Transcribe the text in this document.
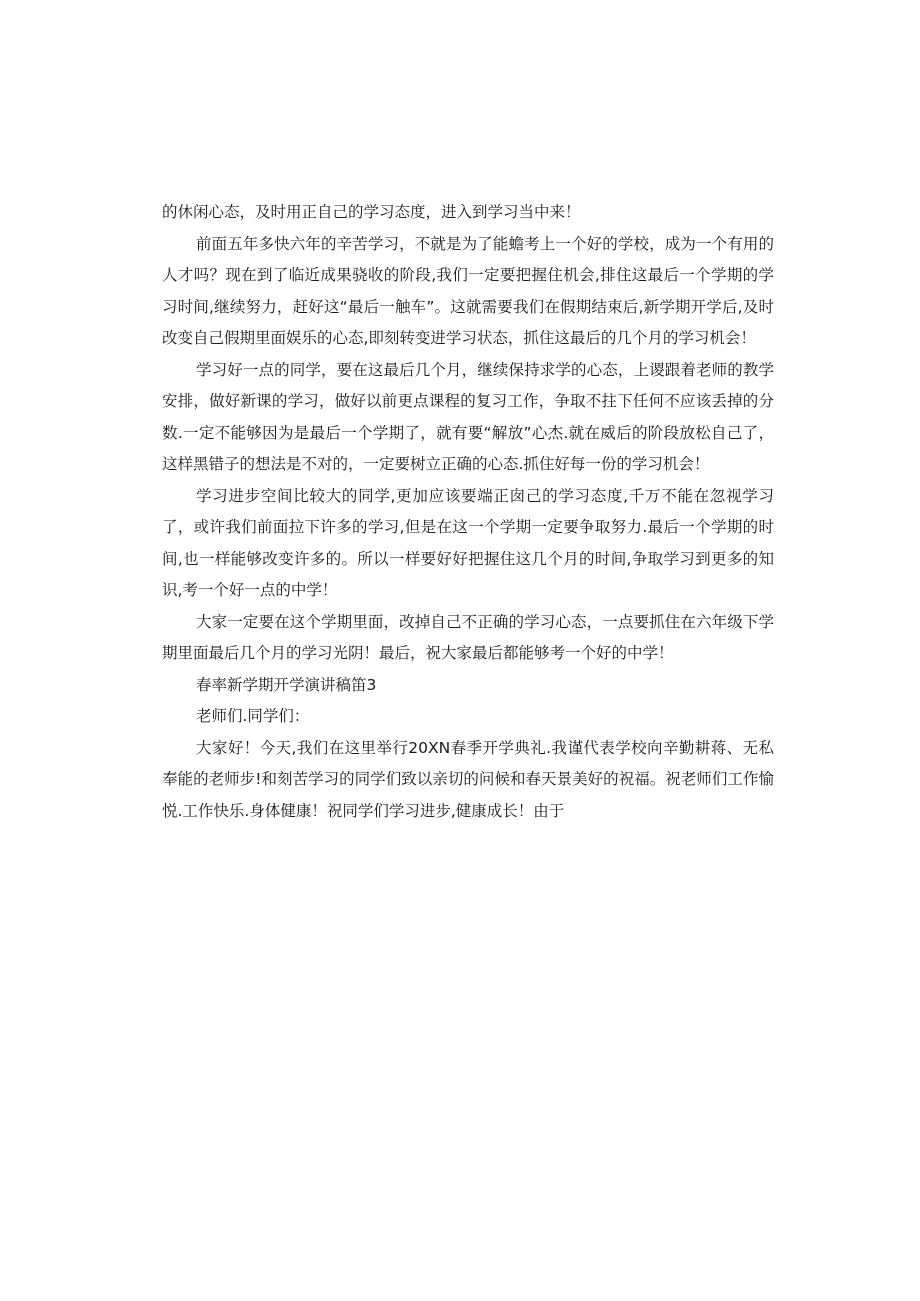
的休闲心态，及时用正自己的学习态度，进入到学习当中来！

前面五年多快六年的辛苦学习，不就是为了能蟾考上一个好的学校，成为一个有用的人才吗？现在到了临近成果骁收的阶段,我们一定要把握住机会,排住这最后一个学期的学习时间,继续努力，赶好这“最后一触车”。这就需要我们在假期结束后,新学期开学后,及时改变自己假期里面娱乐的心态,即刻转变进学习状态，抓住这最后的几个月的学习机会！

学习好一点的同学，要在这最后几个月，继续保持求学的心态，上谡跟着老师的教学安排，做好新课的学习，做好以前更点课程的复习工作，争取不拄下任何不应该丢掉的分数.一定不能够因为是最后一个学期了，就有要“解放”心杰.就在威后的阶段放松自己了，这样黑错子的想法是不对的，一定要树立正确的心态.抓住好每一份的学习机会！

学习进步空间比较大的同学,更加应该要端正囱己的学习态度,千万不能在忽视学习了，或许我们前面拉下许多的学习,但是在这一个学期一定要争取努力.最后一个学期的时间,也一样能够改变许多的。所以一样要好好把握住这几个月的时间,争取学习到更多的知识,考一个好一点的中学！

大家一定要在这个学期里面，改掉自己不正确的学习心态，一点要抓住在六年级下学期里面最后几个月的学习光阴！最后，祝大家最后都能够考一个好的中学！

春率新学期开学演讲稿笛3

老师们.同学们：

大家好！今天,我们在这里举行20XN春季开学典礼.我谨代表学校向辛勤耕蒋、无私奉能的老师步!和刻苦学习的同学们致以亲切的问候和春天景美好的祝福。祝老师们工作愉悦.工作快乐.身体健康！祝同学们学习进步,健康成长！由于
